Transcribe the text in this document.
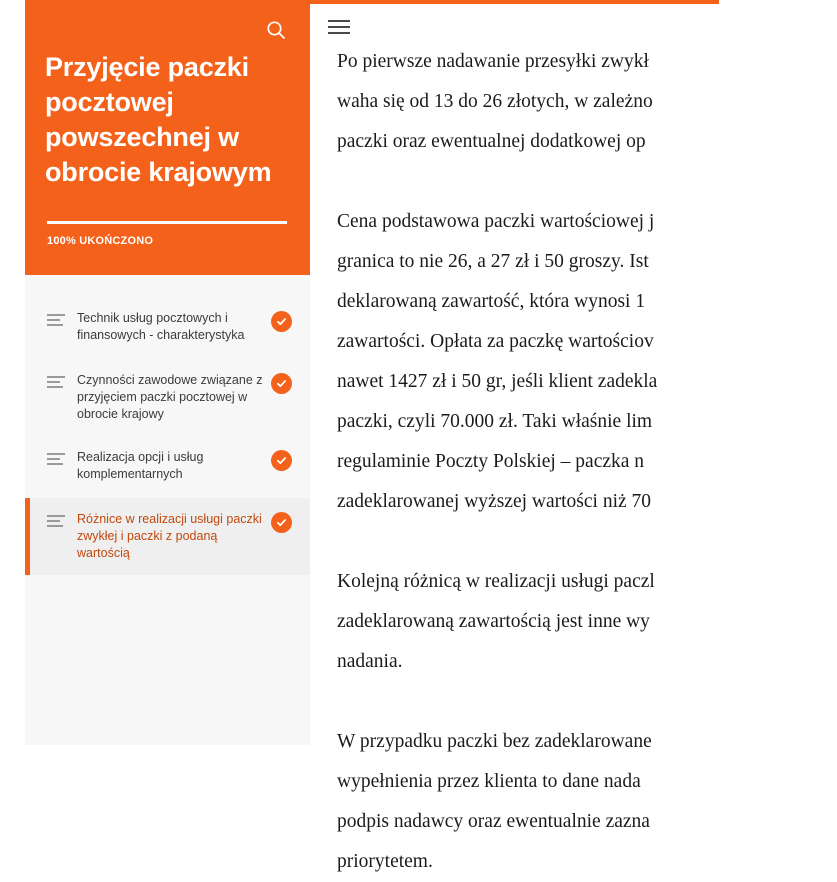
Przyjęcie paczki pocztowej powszechnej w obrocie krajowym
100% UKOŃCZONO
Technik usług pocztowych i finansowych - charakterystyka
Czynności zawodowe związane z przyjęciem paczki pocztowej w obrocie krajowy
Realizacja opcji i usług komplementarnych
Różnice w realizacji usługi paczki zwykłej i paczki z podaną wartością

Po pierwsze nadawanie przesyłki zwykł
waha się od 13 do 26 złotych, w zależno
paczki oraz ewentualnej dodatkowej op

Cena podstawowa paczki wartościowej j
granica to nie 26, a 27 zł i 50 groszy. Ist
deklarowaną zawartość, która wynosi 1
zawartości. Opłata za paczkę wartościov
nawet 1427 zł i 50 gr, jeśli klient zadekla
paczki, czyli 70.000 zł. Taki właśnie lim
regulaminie Poczty Polskiej – paczka n
zadeklarowanej wyższej wartości niż 70

Kolejną różnicą w realizacji usługi paczl
zadeklarowaną zawartością jest inne wy
nadania.

W przypadku paczki bez zadeklarowane
wypełnienia przez klienta to dane nada
podpis nadawcy oraz ewentualnie zazna
priorytetem.
